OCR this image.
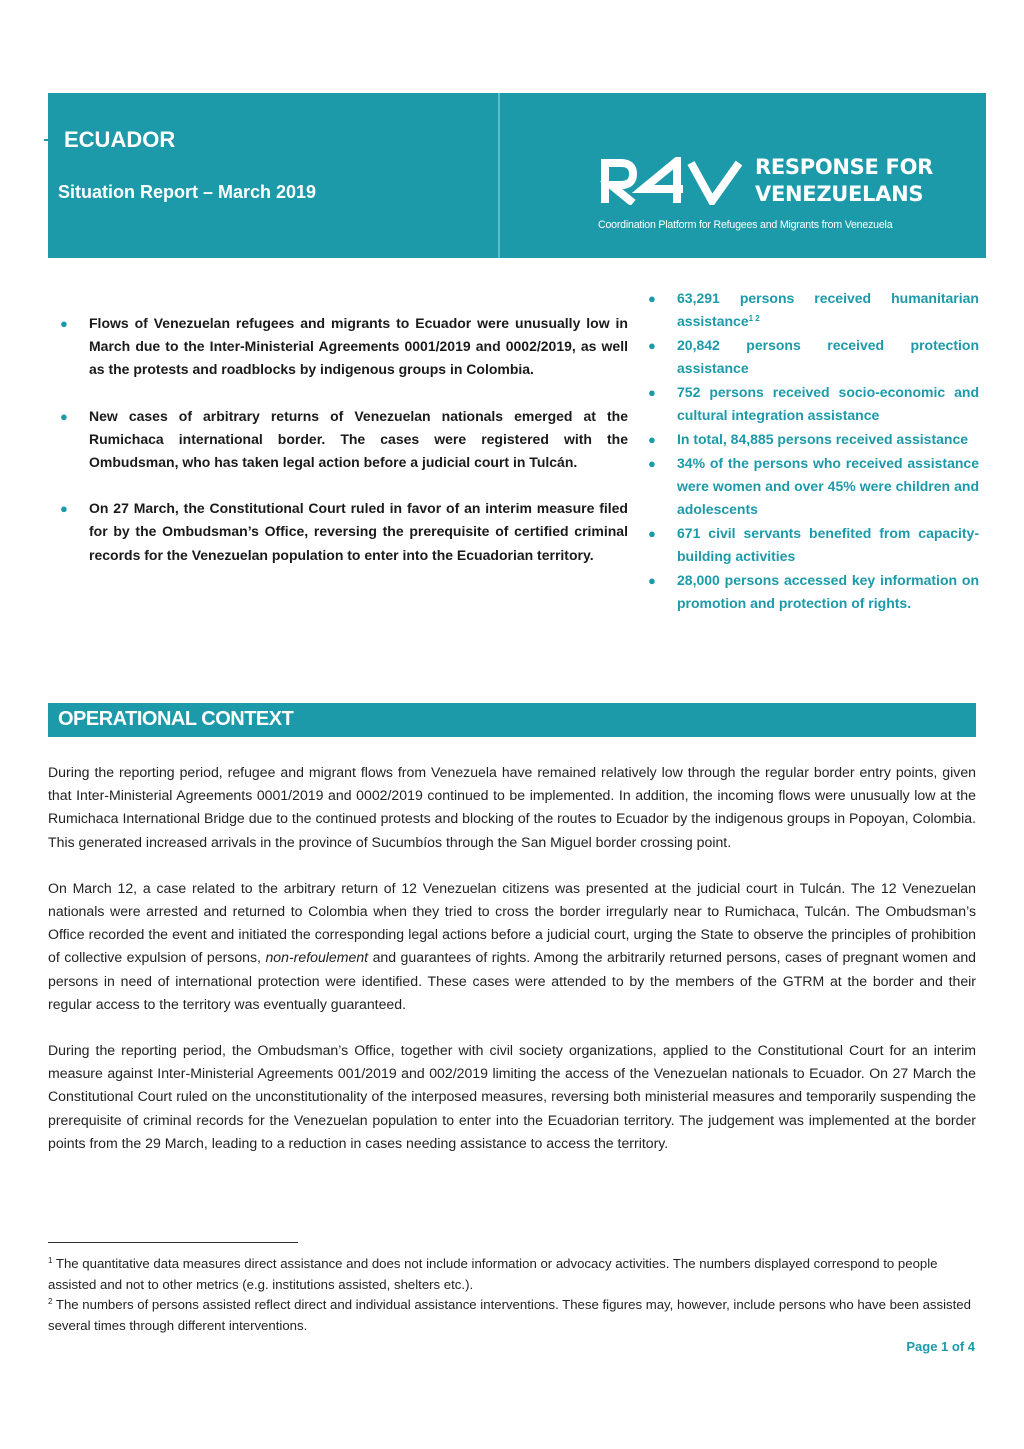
ECUADOR
Situation Report – March 2019
RESPONSE FOR
VENEZUELANS
Coordination Platform for Refugees and Migrants from Venezuela
● Flows of Venezuelan refugees and migrants to Ecuador were unusually low in March due to the Inter-Ministerial Agreements 0001/2019 and 0002/2019, as well as the protests and roadblocks by indigenous groups in Colombia.
● New cases of arbitrary returns of Venezuelan nationals emerged at the Rumichaca international border. The cases were registered with the Ombudsman, who has taken legal action before a judicial court in Tulcán.
● On 27 March, the Constitutional Court ruled in favor of an interim measure filed for by the Ombudsman’s Office, reversing the prerequisite of certified criminal records for the Venezuelan population to enter into the Ecuadorian territory.
● 63,291 persons received humanitarian assistance$^{1 2}$
● 20,842 persons received protection assistance
● 752 persons received socio-economic and cultural integration assistance
● In total, 84,885 persons received assistance
● 34% of the persons who received assistance were women and over 45% were children and adolescents
● 671 civil servants benefited from capacity-building activities
● 28,000 persons accessed key information on promotion and protection of rights.
OPERATIONAL CONTEXT

During the reporting period, refugee and migrant flows from Venezuela have remained relatively low through the regular border entry points, given that Inter-Ministerial Agreements 0001/2019 and 0002/2019 continued to be implemented. In addition, the incoming flows were unusually low at the Rumichaca International Bridge due to the continued protests and blocking of the routes to Ecuador by the indigenous groups in Popoyan, Colombia. This generated increased arrivals in the province of Sucumbíos through the San Miguel border crossing point.

On March 12, a case related to the arbitrary return of 12 Venezuelan citizens was presented at the judicial court in Tulcán. The 12 Venezuelan nationals were arrested and returned to Colombia when they tried to cross the border irregularly near to Rumichaca, Tulcán. The Ombudsman’s Office recorded the event and initiated the corresponding legal actions before a judicial court, urging the State to observe the principles of prohibition of collective expulsion of persons, non-refoulement and guarantees of rights. Among the arbitrarily returned persons, cases of pregnant women and persons in need of international protection were identified. These cases were attended to by the members of the GTRM at the border and their regular access to the territory was eventually guaranteed.

During the reporting period, the Ombudsman’s Office, together with civil society organizations, applied to the Constitutional Court for an interim measure against Inter-Ministerial Agreements 001/2019 and 002/2019 limiting the access of the Venezuelan nationals to Ecuador. On 27 March the Constitutional Court ruled on the unconstitutionality of the interposed measures, reversing both ministerial measures and temporarily suspending the prerequisite of criminal records for the Venezuelan population to enter into the Ecuadorian territory. The judgement was implemented at the border points from the 29 March, leading to a reduction in cases needing assistance to access the territory.

$^1$ The quantitative data measures direct assistance and does not include information or advocacy activities. The numbers displayed correspond to people assisted and not to other metrics (e.g. institutions assisted, shelters etc.).
$^2$ The numbers of persons assisted reflect direct and individual assistance interventions. These figures may, however, include persons who have been assisted several times through different interventions.
Page 1 of 4
